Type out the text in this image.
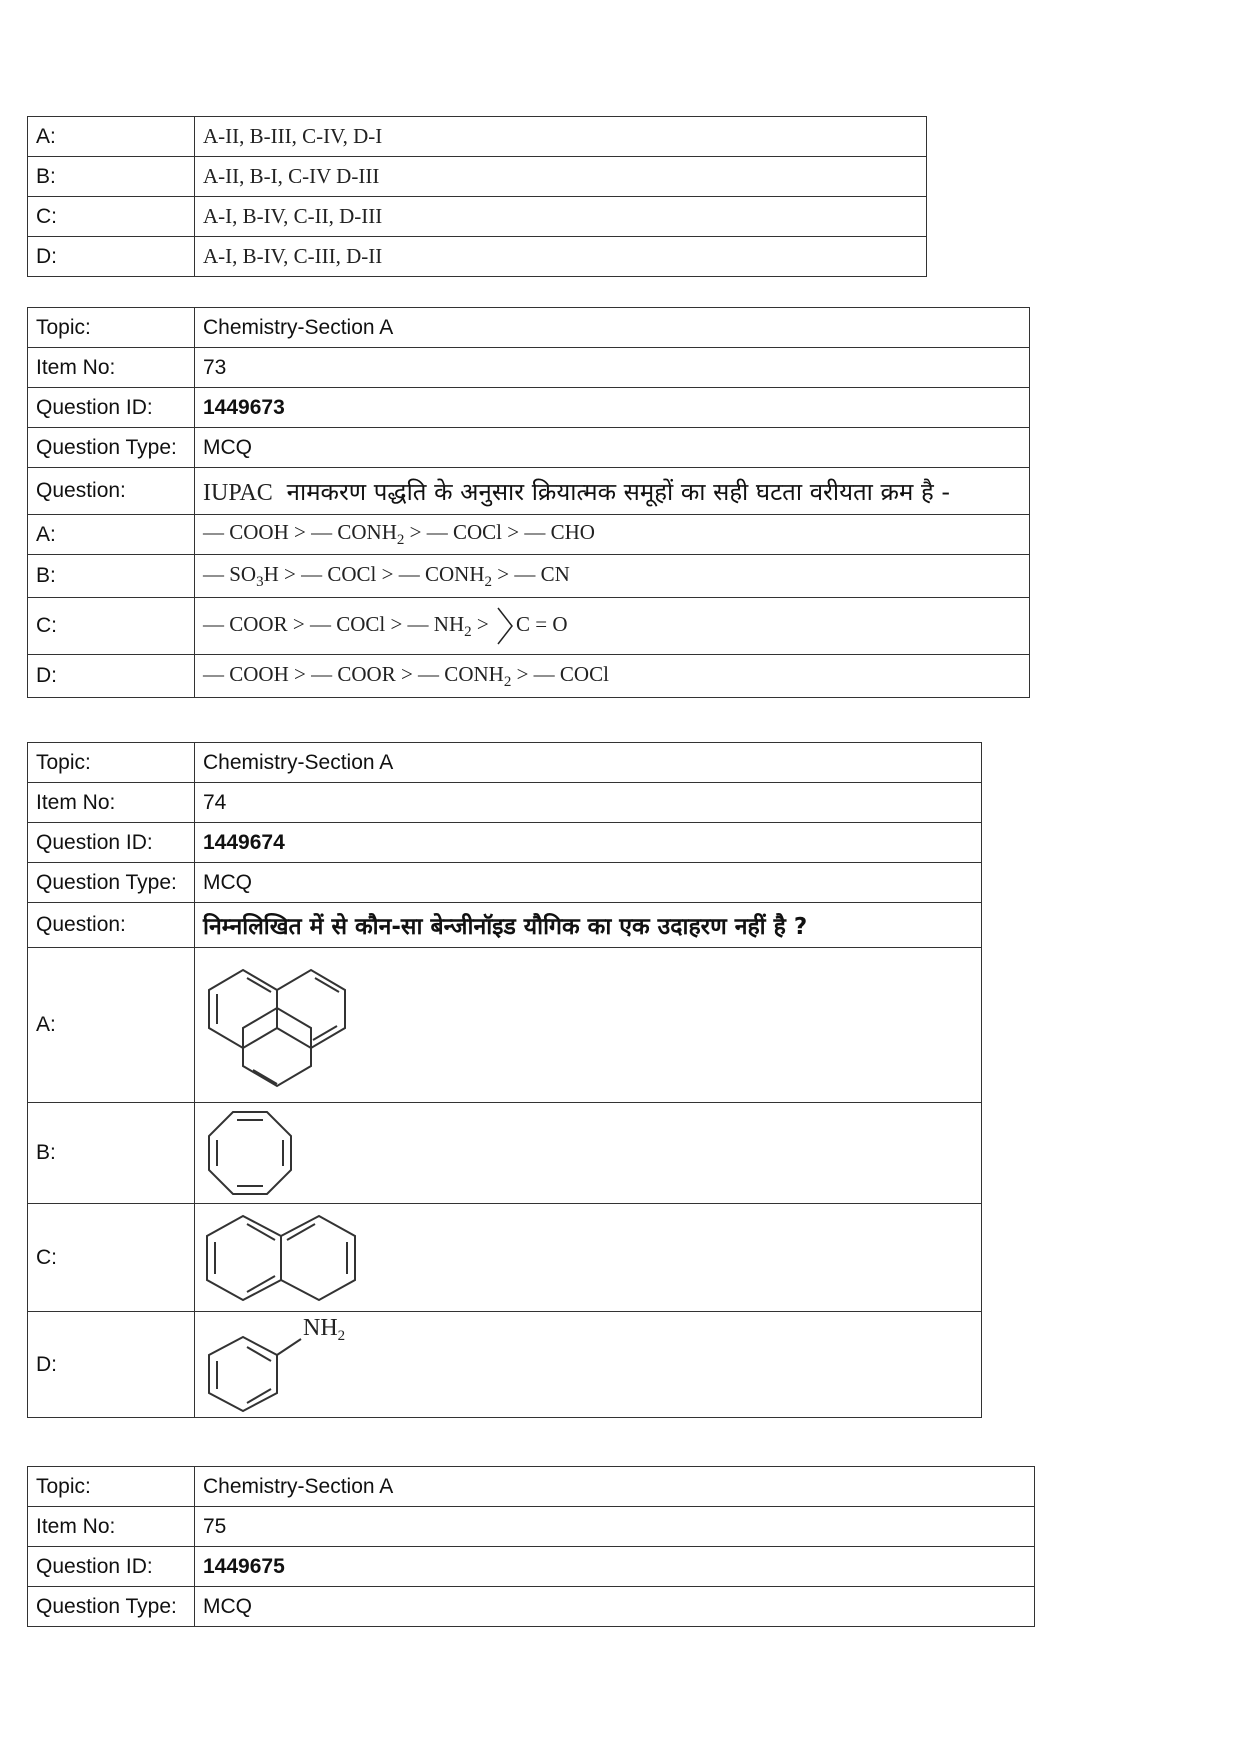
A:	A-II, B-III, C-IV, D-I
B:	A-II, B-I, C-IV D-III
C:	A-I, B-IV, C-II, D-III
D:	A-I, B-IV, C-III, D-II
Topic:	Chemistry-Section A
Item No:	73
Question ID:	1449673
Question Type:	MCQ
Question:	IUPAC नामकरण पद्धति के अनुसार क्रियात्मक समूहों का सही घटता वरीयता क्रम है -
A:	— COOH > — $CONH_2$ > — COCl > — CHO
B:	— $SO_3H$ > — COCl > — $CONH_2$ > — CN
C:	— COOR > — COCl > — $NH_2 > C = O$
D:	— COOH > — COOR > — $CONH_2$ > — COCl
Topic:	Chemistry-Section A
Item No:	74
Question ID:	1449674
Question Type:	MCQ
Question:	निम्नलिखित में से कौन-सा बेन्जीनॉइड यौगिक का एक उदाहरण नहीं है ?
A:	

B:	

C:	

D:	$NH_2$
Topic:	Chemistry-Section A
Item No:	75
Question ID:	1449675
Question Type:	MCQ
